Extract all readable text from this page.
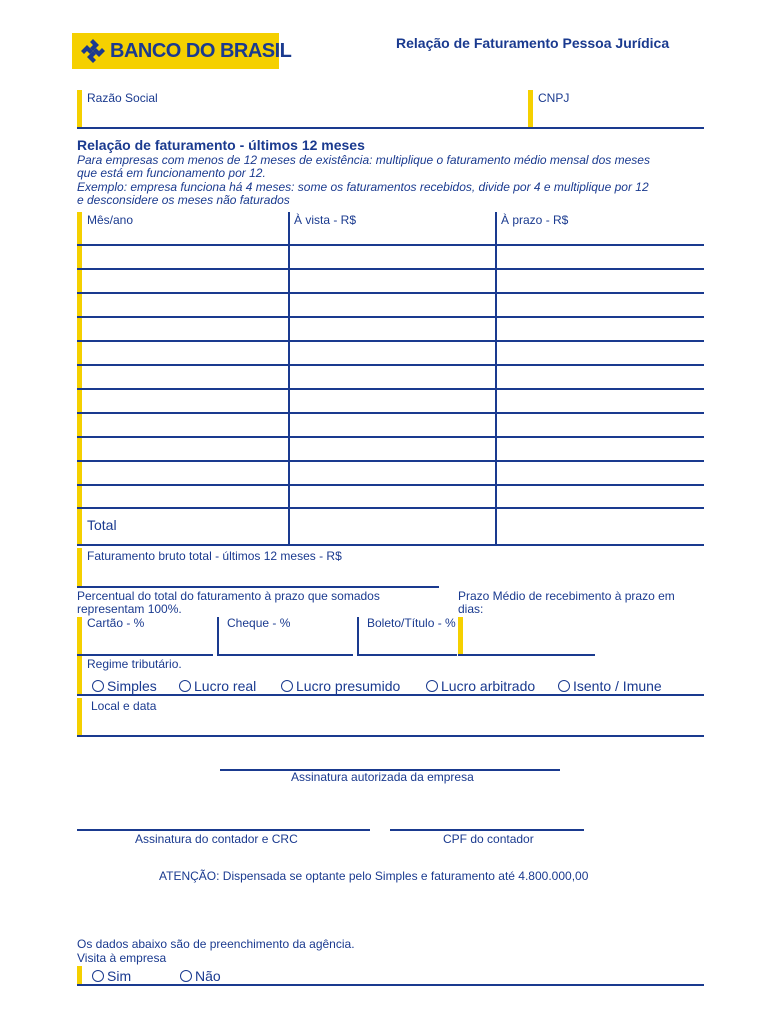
BANCO DO BRASIL	Relação de Faturamento Pessoa Jurídica
Razão Social	CNPJ
Relação de faturamento - últimos 12 meses
Para empresas com menos de 12 meses de existência: multiplique o faturamento médio mensal dos meses
que está em funcionamento por 12.
Exemplo: empresa funciona há 4 meses: some os faturamentos recebidos, divide por 4 e multiplique por 12
e desconsidere os meses não faturados
Mês/ano	À vista - R$	À prazo - R$
Total
Faturamento bruto total - últimos 12 meses - R$
Percentual do total do faturamento à prazo que somados
representam 100%.
Prazo Médio de recebimento à prazo em
dias:
Cartão - %	Cheque - %	Boleto/Título - %
Regime tributário.
Simples	Lucro real	Lucro presumido	Lucro arbitrado	Isento / Imune
Local e data
Assinatura autorizada da empresa
Assinatura do contador e CRC	CPF do contador
ATENÇÃO: Dispensada se optante pelo Simples e faturamento até 4.800.000,00
Os dados abaixo são de preenchimento da agência.
Visita à empresa
Sim	Não
